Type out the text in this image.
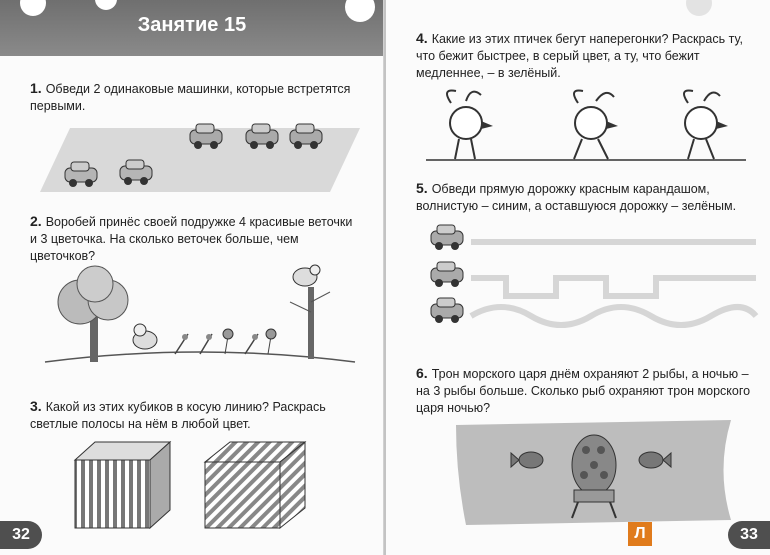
Занятие 15
1. Обведи 2 одинаковые машинки, которые встретятся первыми.
2. Воробей принёс своей подружке 4 красивые веточки и 3 цветочка. На сколько веточек больше, чем цветочков?
3. Какой из этих кубиков в косую линию? Раскрась светлые полосы на нём в любой цвет.
32
4. Какие из этих птичек бегут наперегонки? Раскрась ту, что бежит быстрее, в серый цвет, а ту, что бежит медленнее, – в зелёный.
5. Обведи прямую дорожку красным карандашом, волнистую – синим, а оставшуюся дорожку – зелёным.
6. Трон морского царя днём охраняют 2 рыбы, а ночью – на 3 рыбы больше. Сколько рыб охраняют трон морского царя ночью?
33
Л
